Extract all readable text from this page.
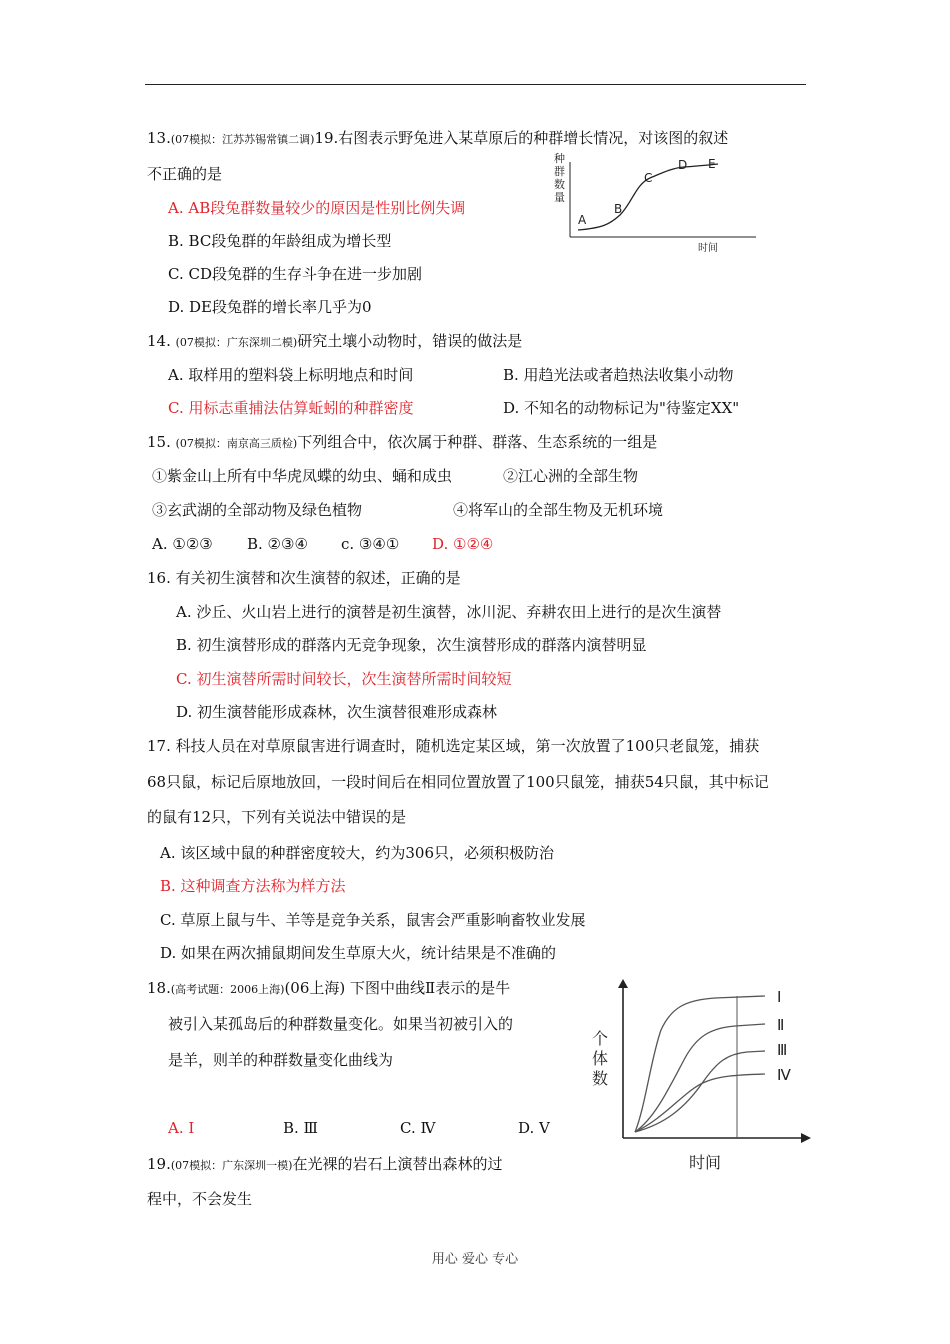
13.(07模拟：江苏苏锡常镇二调)19.右图表示野兔进入某草原后的种群增长情况，对该图的叙述
不正确的是
A. AB段兔群数量较少的原因是性别比例失调
B. BC段兔群的年龄组成为增长型
C. CD段兔群的生存斗争在进一步加剧
D. DE段兔群的增长率几乎为0
种
群
数
量
A
B
C
D E
时间
14. (07模拟：广东深圳二模)研究土壤小动物时，错误的做法是
A. 取样用的塑料袋上标明地点和时间	B. 用趋光法或者趋热法收集小动物
C. 用标志重捕法估算蚯蚓的种群密度	D. 不知名的动物标记为"待鉴定XX"
15. (07模拟：南京高三质检)下列组合中，依次属于种群、群落、生态系统的一组是
①紫金山上所有中华虎凤蝶的幼虫、蛹和成虫	②江心洲的全部生物
③玄武湖的全部动物及绿色植物	④将军山的全部生物及无机环境
A. ①②③ B. ②③④ c. ③④① D. ①②④
16. 有关初生演替和次生演替的叙述，正确的是
A. 沙丘、火山岩上进行的演替是初生演替，冰川泥、弃耕农田上进行的是次生演替
B. 初生演替形成的群落内无竞争现象，次生演替形成的群落内演替明显
C. 初生演替所需时间较长，次生演替所需时间较短
D. 初生演替能形成森林，次生演替很难形成森林
17. 科技人员在对草原鼠害进行调查时，随机选定某区域，第一次放置了100只老鼠笼，捕获
68只鼠，标记后原地放回，一段时间后在相同位置放置了100只鼠笼，捕获54只鼠，其中标记
的鼠有12只，下列有关说法中错误的是
A. 该区域中鼠的种群密度较大，约为306只，必须积极防治
B. 这种调查方法称为样方法
C. 草原上鼠与牛、羊等是竞争关系，鼠害会严重影响畜牧业发展
D. 如果在两次捕鼠期间发生草原大火，统计结果是不准确的
18.(高考试题：2006上海)(06上海) 下图中曲线Ⅱ表示的是牛
被引入某孤岛后的种群数量变化。如果当初被引入的
是羊，则羊的种群数量变化曲线为
A. Ⅰ	B. Ⅲ	C. Ⅳ	D. Ⅴ
Ⅰ
Ⅱ
Ⅲ
Ⅳ
个
体
数
时间
19.(07模拟：广东深圳一模)在光裸的岩石上演替出森林的过
程中，不会发生
用心 爱心 专心
